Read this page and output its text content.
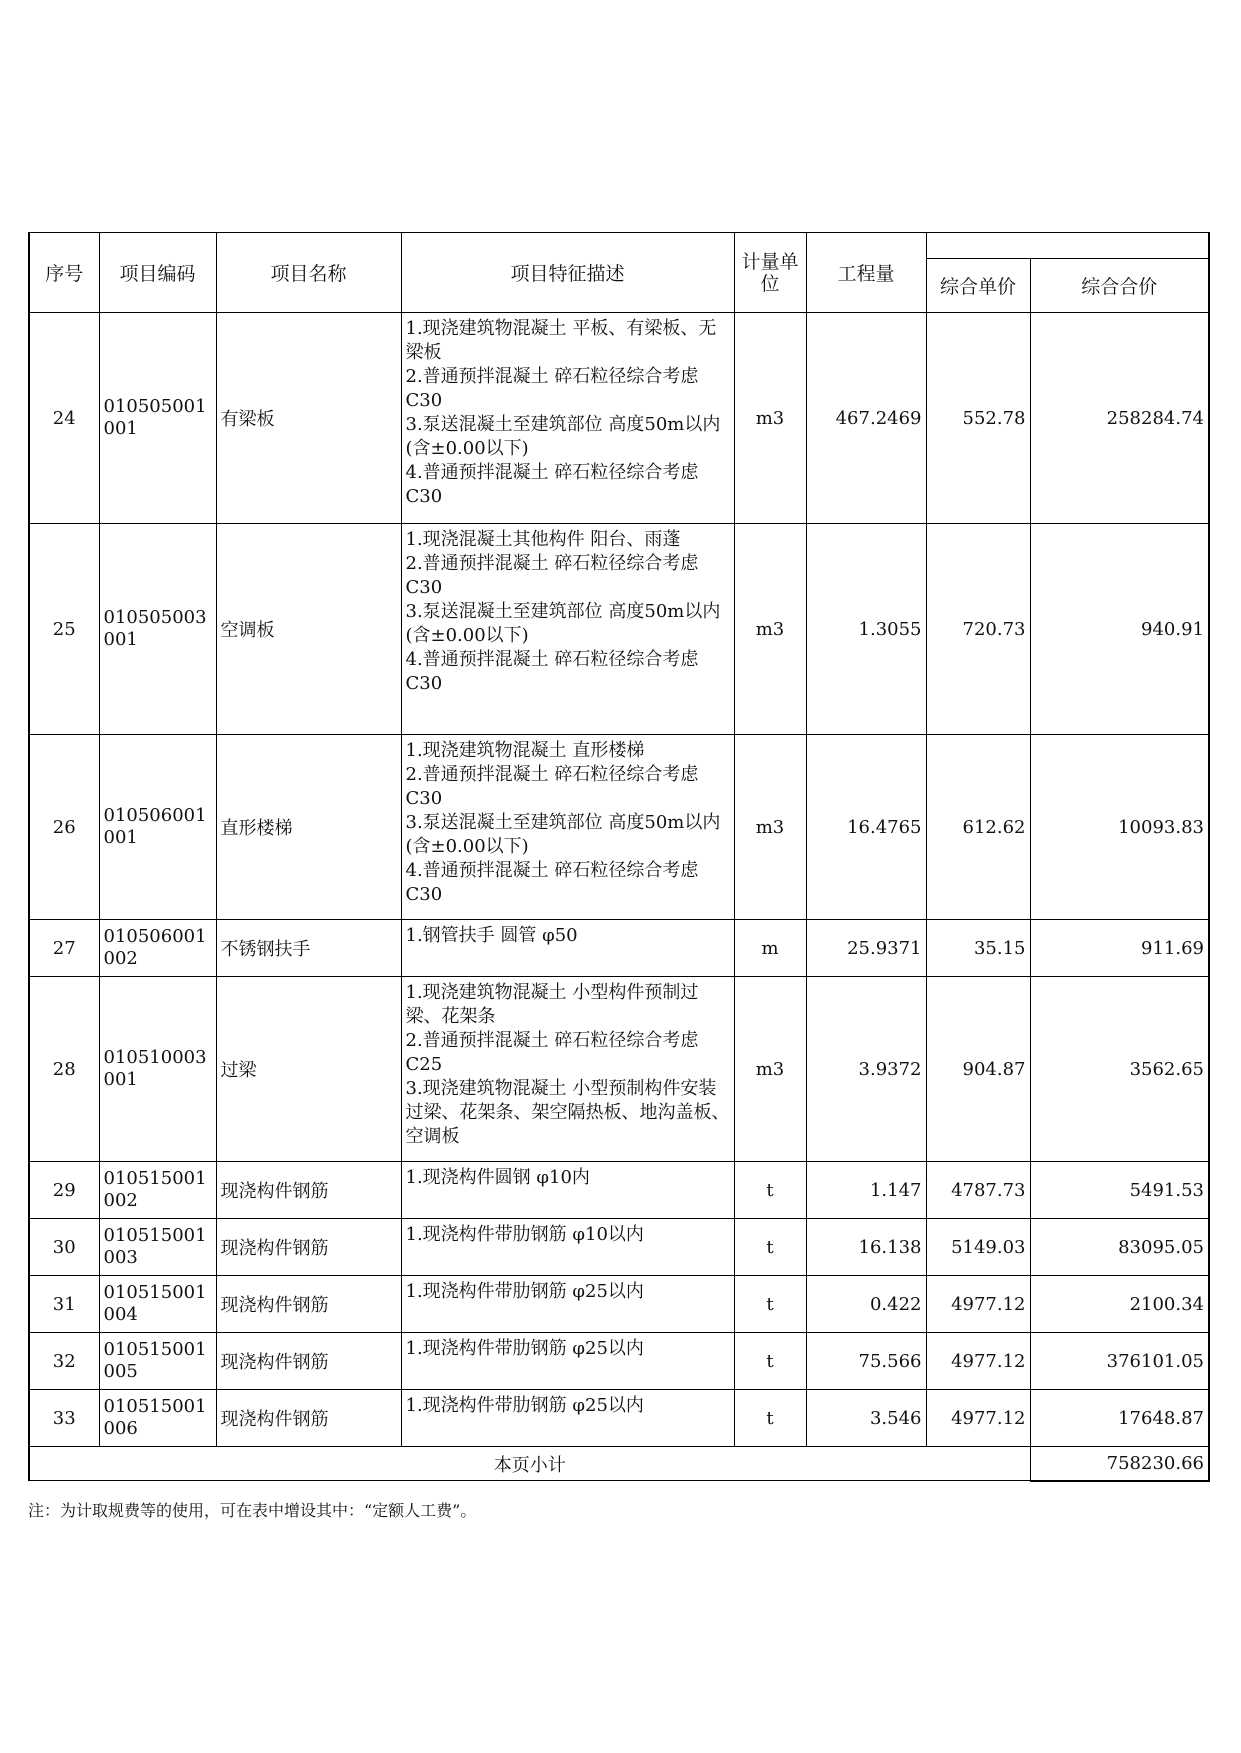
序号	项目编码	项目名称	项目特征描述	计量单位	工程量		
						综合单价	综合合价
24	010505001001	有梁板	1.现浇建筑物混凝土 平板、有梁板、无梁板
2.普通预拌混凝土 碎石粒径综合考虑 C30
3.泵送混凝土至建筑部位 高度50m以内(含±0.00以下)
4.普通预拌混凝土 碎石粒径综合考虑 C30	m3	467.2469	552.78	258284.74
25	010505003001	空调板	1.现浇混凝土其他构件 阳台、雨蓬
2.普通预拌混凝土 碎石粒径综合考虑 C30
3.泵送混凝土至建筑部位 高度50m以内(含±0.00以下)
4.普通预拌混凝土 碎石粒径综合考虑 C30	m3	1.3055	720.73	940.91
26	010506001001	直形楼梯	1.现浇建筑物混凝土 直形楼梯
2.普通预拌混凝土 碎石粒径综合考虑 C30
3.泵送混凝土至建筑部位 高度50m以内(含±0.00以下)
4.普通预拌混凝土 碎石粒径综合考虑 C30	m3	16.4765	612.62	10093.83
27	010506001002	不锈钢扶手	1.钢管扶手 圆管 φ50	m	25.9371	35.15	911.69
28	010510003001	过梁	1.现浇建筑物混凝土 小型构件预制过梁、花架条
2.普通预拌混凝土 碎石粒径综合考虑 C25
3.现浇建筑物混凝土 小型预制构件安装 过梁、花架条、架空隔热板、地沟盖板、空调板	m3	3.9372	904.87	3562.65
29	010515001002	现浇构件钢筋	1.现浇构件圆钢 φ10内	t	1.147	4787.73	5491.53
30	010515001003	现浇构件钢筋	1.现浇构件带肋钢筋 φ10以内	t	16.138	5149.03	83095.05
31	010515001004	现浇构件钢筋	1.现浇构件带肋钢筋 φ25以内	t	0.422	4977.12	2100.34
32	010515001005	现浇构件钢筋	1.现浇构件带肋钢筋 φ25以内	t	75.566	4977.12	376101.05
33	010515001006	现浇构件钢筋	1.现浇构件带肋钢筋 φ25以内	t	3.546	4977.12	17648.87
本页小计							758230.66
注：为计取规费等的使用，可在表中增设其中：“定额人工费”。
